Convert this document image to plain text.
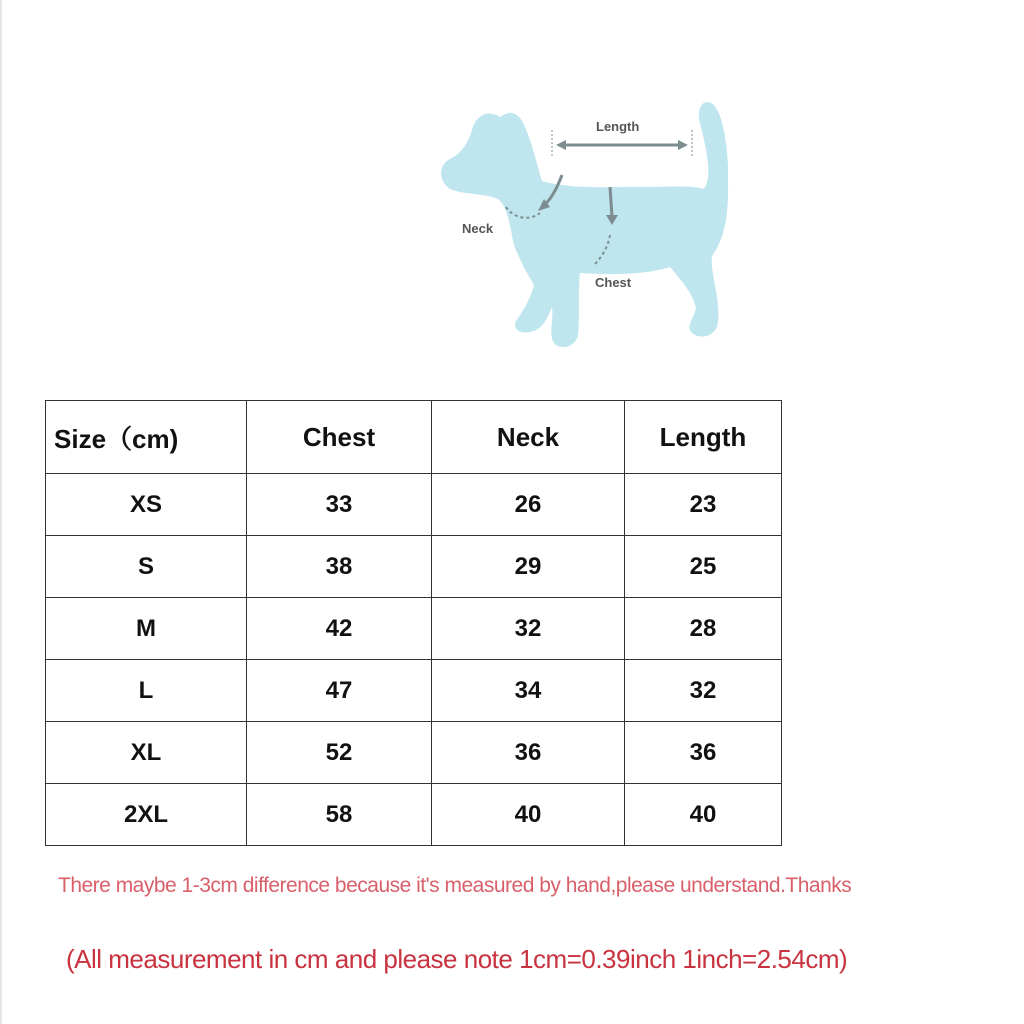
Length
Neck
Chest
Size（cm)	Chest	Neck	Length
XS	33	26	23
S	38	29	25
M	42	32	28
L	47	34	32
XL	52	36	36
2XL	58	40	40
There maybe 1-3cm difference because it's measured by hand,please understand.Thanks
(All measurement in cm and please note 1cm=0.39inch 1inch=2.54cm)
